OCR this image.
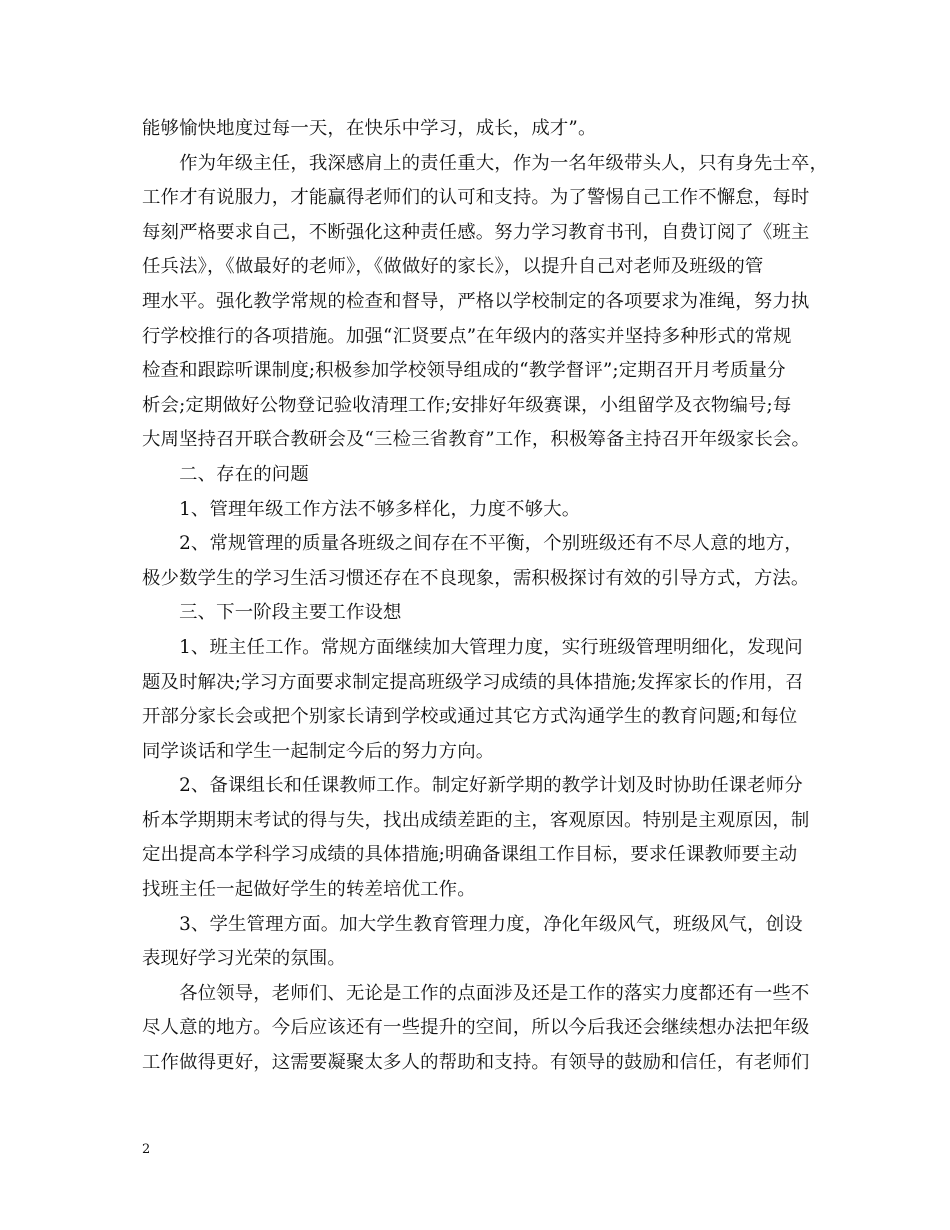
能够愉快地度过每一天，在快乐中学习，成长，成才”。

　　作为年级主任，我深感肩上的责任重大，作为一名年级带头人，只有身先士卒，

工作才有说服力，才能赢得老师们的认可和支持。为了警惕自己工作不懈怠，每时

每刻严格要求自己，不断强化这种责任感。努力学习教育书刊，自费订阅了《班主

任兵法》，《做最好的老师》，《做做好的家长》，以提升自己对老师及班级的管

理水平。强化教学常规的检查和督导，严格以学校制定的各项要求为准绳，努力执

行学校推行的各项措施。加强“汇贤要点”在年级内的落实并坚持多种形式的常规

检查和跟踪听课制度;积极参加学校领导组成的“教学督评”;定期召开月考质量分

析会;定期做好公物登记验收清理工作;安排好年级赛课，小组留学及衣物编号;每

大周坚持召开联合教研会及“三检三省教育”工作，积极筹备主持召开年级家长会。

　　二、存在的问题

　　1、管理年级工作方法不够多样化，力度不够大。

　　2、常规管理的质量各班级之间存在不平衡，个别班级还有不尽人意的地方，

极少数学生的学习生活习惯还存在不良现象，需积极探讨有效的引导方式，方法。

　　三、下一阶段主要工作设想

　　1、班主任工作。常规方面继续加大管理力度，实行班级管理明细化，发现问

题及时解决;学习方面要求制定提高班级学习成绩的具体措施;发挥家长的作用，召

开部分家长会或把个别家长请到学校或通过其它方式沟通学生的教育问题;和每位

同学谈话和学生一起制定今后的努力方向。

　　2、备课组长和任课教师工作。制定好新学期的教学计划及时协助任课老师分

析本学期期末考试的得与失，找出成绩差距的主，客观原因。特别是主观原因，制

定出提高本学科学习成绩的具体措施;明确备课组工作目标，要求任课教师要主动

找班主任一起做好学生的转差培优工作。

　　3、学生管理方面。加大学生教育管理力度，净化年级风气，班级风气，创设

表现好学习光荣的氛围。

　　各位领导，老师们、无论是工作的点面涉及还是工作的落实力度都还有一些不

尽人意的地方。今后应该还有一些提升的空间，所以今后我还会继续想办法把年级

工作做得更好，这需要凝聚太多人的帮助和支持。有领导的鼓励和信任，有老师们

2
